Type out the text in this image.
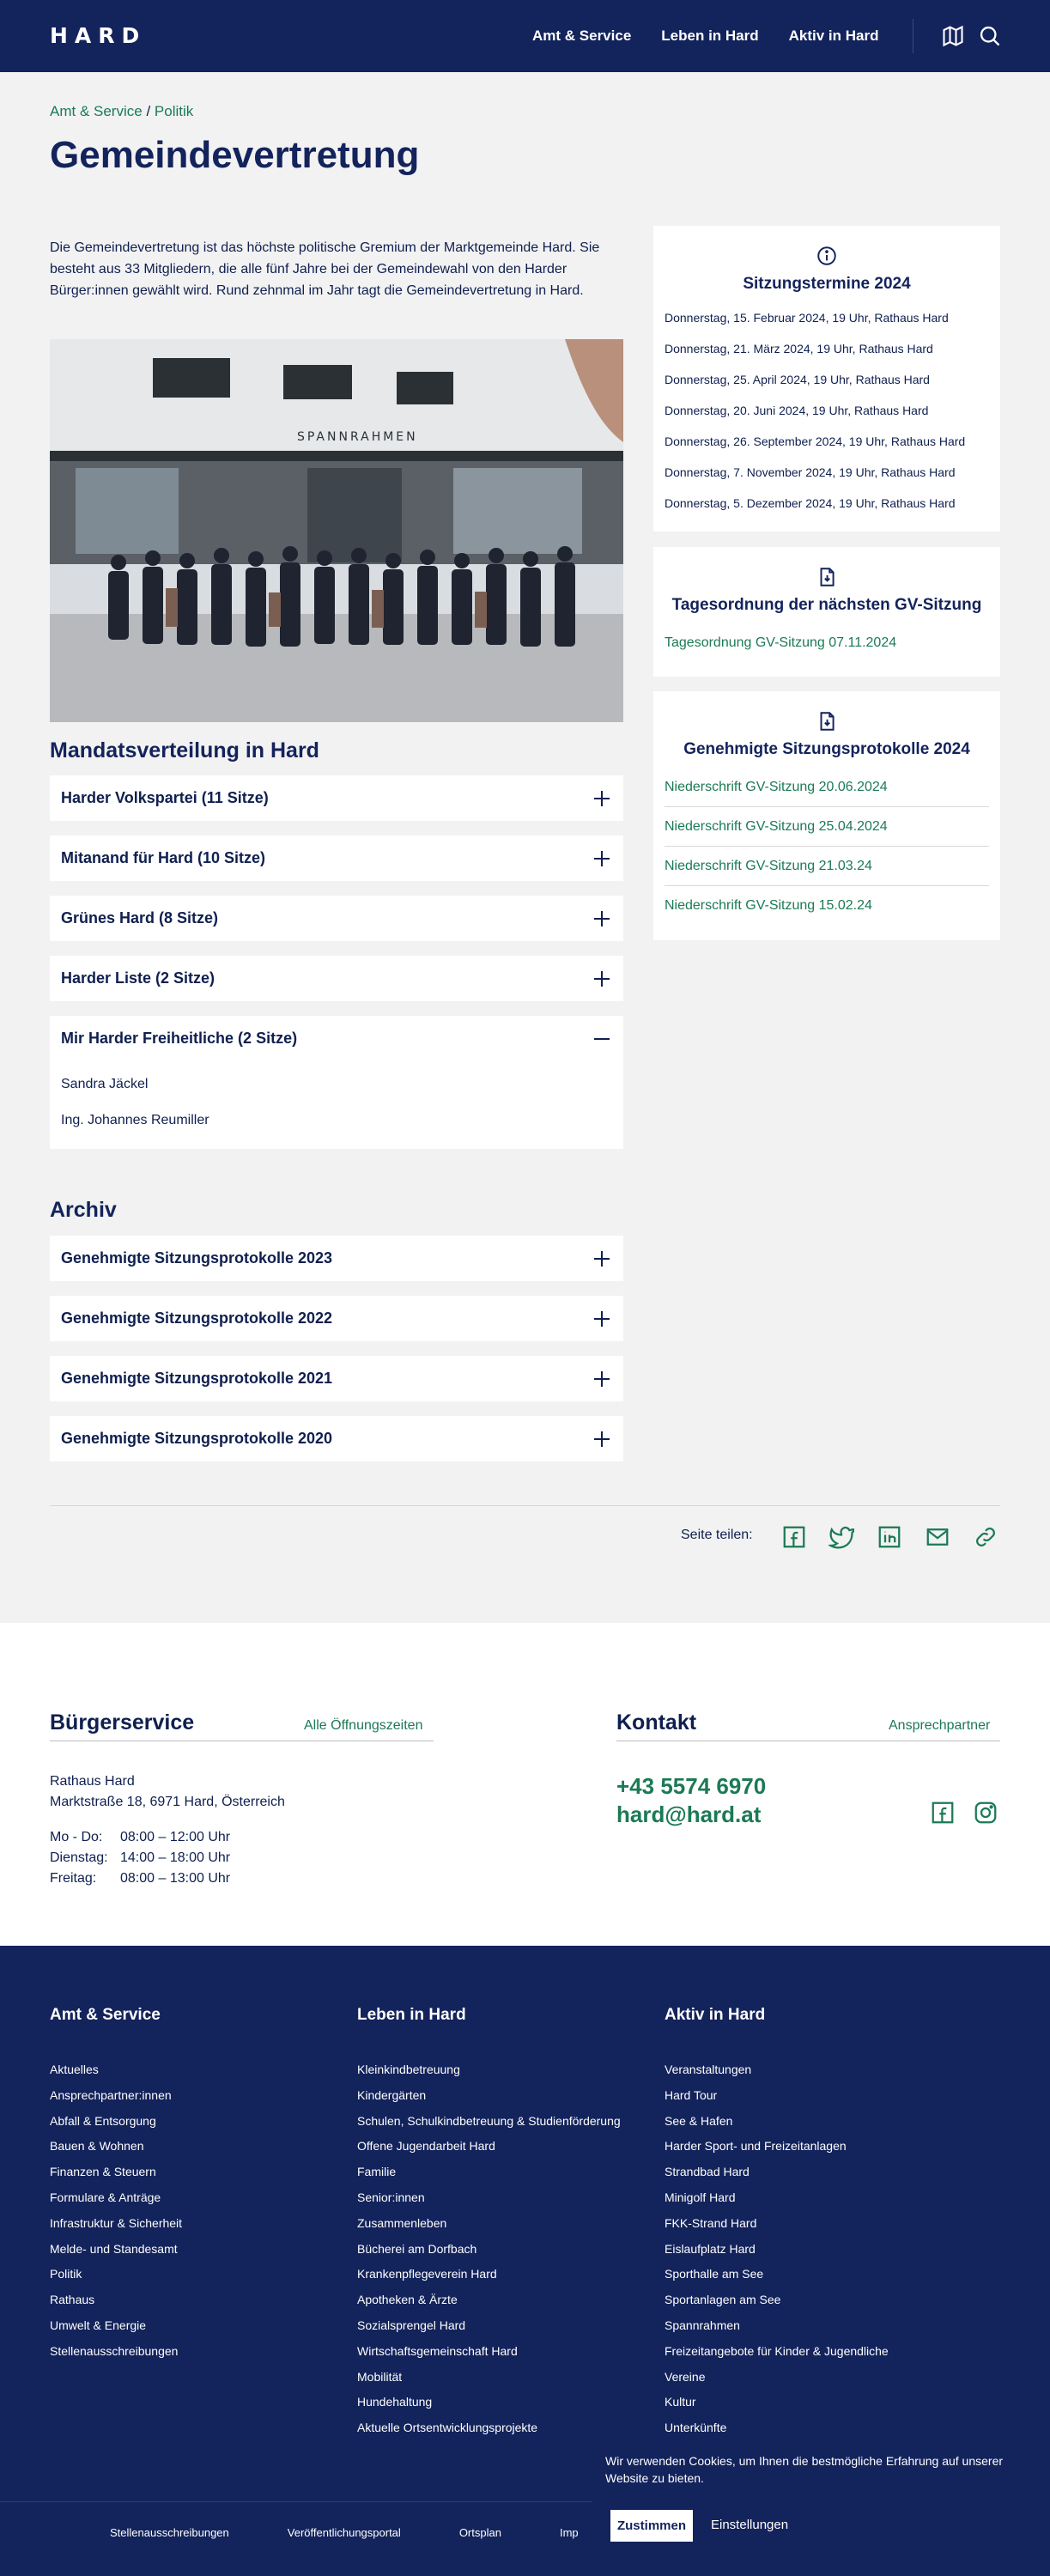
HARD	Amt & Service Leben in Hard Aktiv in Hard
Amt & Service / Politik
Gemeindevertretung

Die Gemeindevertretung ist das höchste politische Gremium der Marktgemeinde Hard. Sie besteht aus 33 Mitgliedern, die alle fünf Jahre bei der Gemeindewahl von den Harder Bürger:innen gewählt wird. Rund zehnmal im Jahr tagt die Gemeindevertretung in Hard.

SPANNRAHMEN
Mandatsverteilung in Hard
Harder Volkspartei (11 Sitze)
Mitanand für Hard (10 Sitze)
Grünes Hard (8 Sitze)
Harder Liste (2 Sitze)
Mir Harder Freiheitliche (2 Sitze)

Sandra Jäckel

Ing. Johannes Reumiller

Archiv
Genehmigte Sitzungsprotokolle 2023
Genehmigte Sitzungsprotokolle 2022
Genehmigte Sitzungsprotokolle 2021
Genehmigte Sitzungsprotokolle 2020
Sitzungstermine 2024
Donnerstag, 15. Februar 2024, 19 Uhr, Rathaus Hard
Donnerstag, 21. März 2024, 19 Uhr, Rathaus Hard
Donnerstag, 25. April 2024, 19 Uhr, Rathaus Hard
Donnerstag, 20. Juni 2024, 19 Uhr, Rathaus Hard
Donnerstag, 26. September 2024, 19 Uhr, Rathaus Hard
Donnerstag, 7. November 2024, 19 Uhr, Rathaus Hard
Donnerstag, 5. Dezember 2024, 19 Uhr, Rathaus Hard
Tagesordnung der nächsten GV-Sitzung
Tagesordnung GV-Sitzung 07.11.2024
Genehmigte Sitzungsprotokolle 2024
Niederschrift GV-Sitzung 20.06.2024
Niederschrift GV-Sitzung 25.04.2024
Niederschrift GV-Sitzung 21.03.24
Niederschrift GV-Sitzung 15.02.24
Seite teilen:
Bürgerservice	Alle Öffnungszeiten
Rathaus Hard
Marktstraße 18, 6971 Hard, Österreich
Mo - Do:	08:00 – 12:00 Uhr
Dienstag: 14:00 – 18:00 Uhr
Freitag:	08:00 – 13:00 Uhr
Kontakt	Ansprechpartner
+43 5574 6970
hard@hard.at
Amt & Service
Aktuelles
Ansprechpartner:innen
Abfall & Entsorgung
Bauen & Wohnen
Finanzen & Steuern
Formulare & Anträge
Infrastruktur & Sicherheit
Melde- und Standesamt
Politik
Rathaus
Umwelt & Energie
Stellenausschreibungen
Leben in Hard
Kleinkindbetreuung
Kindergärten
Schulen, Schulkindbetreuung & Studienförderung
Offene Jugendarbeit Hard
Familie
Senior:innen
Zusammenleben
Bücherei am Dorfbach
Krankenpflegeverein Hard
Apotheken & Ärzte
Sozialsprengel Hard
Wirtschaftsgemeinschaft Hard
Mobilität
Hundehaltung
Aktuelle Ortsentwicklungsprojekte
Aktiv in Hard
Veranstaltungen
Hard Tour
See & Hafen
Harder Sport- und Freizeitanlagen
Strandbad Hard
Minigolf Hard
FKK-Strand Hard
Eislaufplatz Hard
Sporthalle am See
Sportanlagen am See
Spannrahmen
Freizeitangebote für Kinder & Jugendliche
Vereine
Kultur
Unterkünfte
Stellenausschreibungen	Veröffentlichungsportal	Ortsplan	Imp

Wir verwenden Cookies, um Ihnen die bestmögliche Erfahrung auf unserer Website zu bieten.

Zustimmen	Einstellungen
